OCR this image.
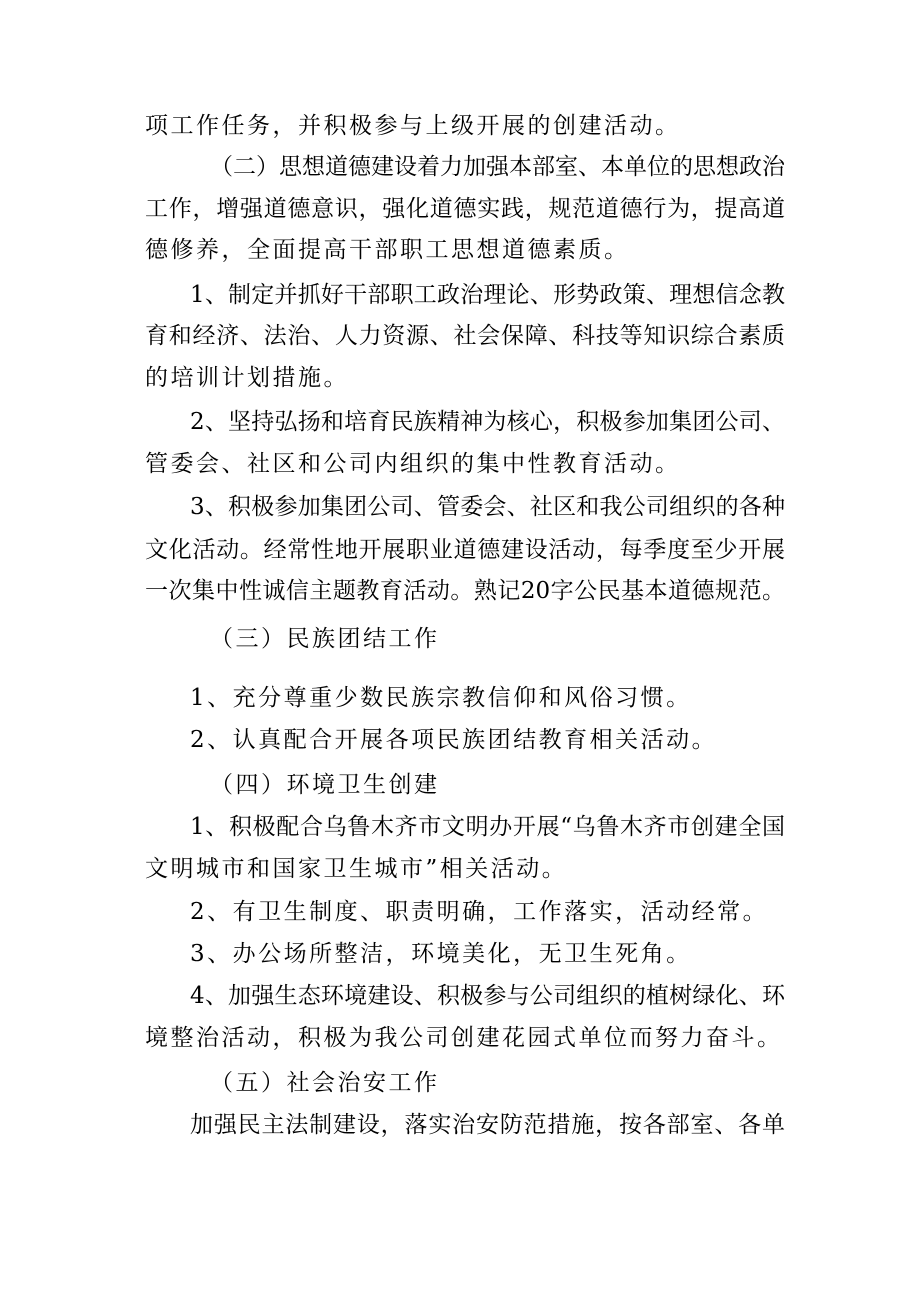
项工作任务，并积极参与上级开展的创建活动。
（二）思想道德建设着力加强本部室、本单位的思想政治
工作，增强道德意识，强化道德实践，规范道德行为，提高道
德修养，全面提高干部职工思想道德素质。
1、制定并抓好干部职工政治理论、形势政策、理想信念教
育和经济、法治、人力资源、社会保障、科技等知识综合素质
的培训计划措施。
2、坚持弘扬和培育民族精神为核心，积极参加集团公司、
管委会、社区和公司内组织的集中性教育活动。
3、积极参加集团公司、管委会、社区和我公司组织的各种
文化活动。经常性地开展职业道德建设活动，每季度至少开展
一次集中性诚信主题教育活动。熟记20字公民基本道德规范。
（三）民族团结工作
1、充分尊重少数民族宗教信仰和风俗习惯。
2、认真配合开展各项民族团结教育相关活动。
（四）环境卫生创建
1、积极配合乌鲁木齐市文明办开展“乌鲁木齐市创建全国
文明城市和国家卫生城市”相关活动。
2、有卫生制度、职责明确，工作落实，活动经常。
3、办公场所整洁，环境美化，无卫生死角。
4、加强生态环境建设、积极参与公司组织的植树绿化、环
境整治活动，积极为我公司创建花园式单位而努力奋斗。
（五）社会治安工作
加强民主法制建设，落实治安防范措施，按各部室、各单
